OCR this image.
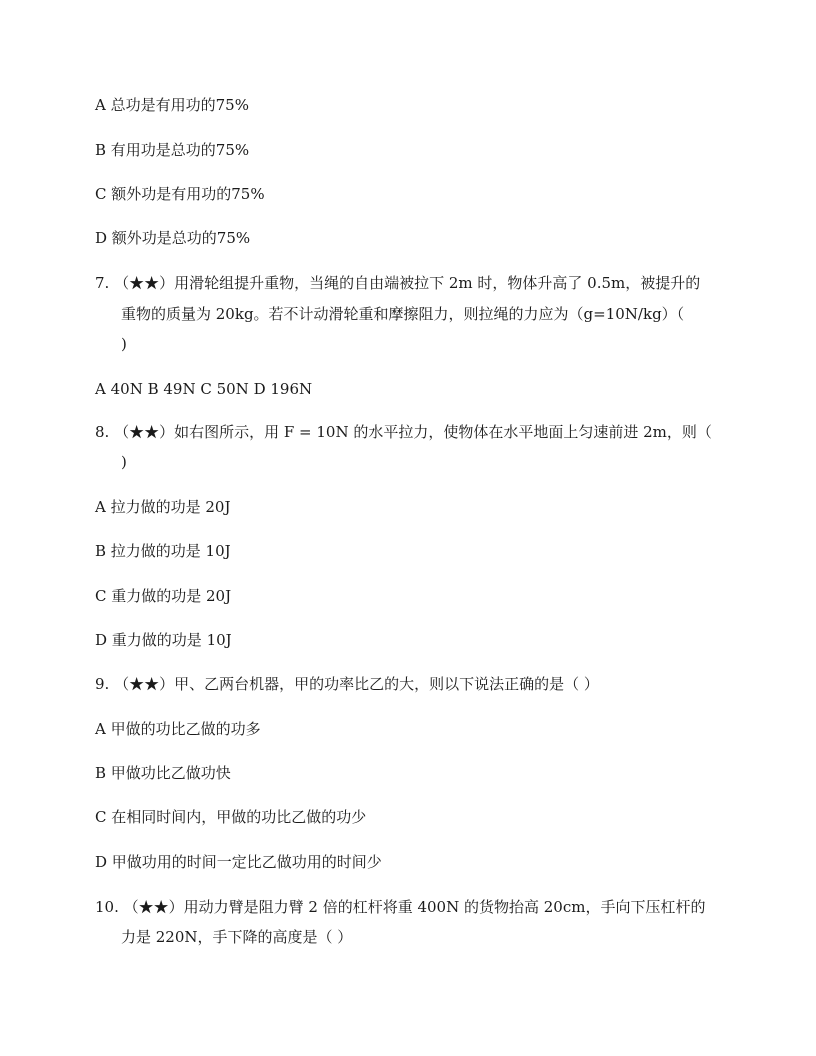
A 总功是有用功的75%
B 有用功是总功的75%
C 额外功是有用功的75%
D 额外功是总功的75%
7. （★★）用滑轮组提升重物，当绳的自由端被拉下 2m 时，物体升高了 0.5m，被提升的
重物的质量为 20kg。若不计动滑轮重和摩擦阻力，则拉绳的力应为（g=10N/kg）（
)
A 40N B 49N C 50N D 196N
8. （★★）如右图所示，用 F = 10N 的水平拉力，使物体在水平地面上匀速前进 2m，则（
)
A 拉力做的功是 20J
B 拉力做的功是 10J
C 重力做的功是 20J
D 重力做的功是 10J
9. （★★）甲、乙两台机器，甲的功率比乙的大，则以下说法正确的是（ ）
A 甲做的功比乙做的功多
B 甲做功比乙做功快
C 在相同时间内，甲做的功比乙做的功少
D 甲做功用的时间一定比乙做功用的时间少
10. （★★）用动力臂是阻力臂 2 倍的杠杆将重 400N 的货物抬高 20cm，手向下压杠杆的
力是 220N，手下降的高度是（ ）
